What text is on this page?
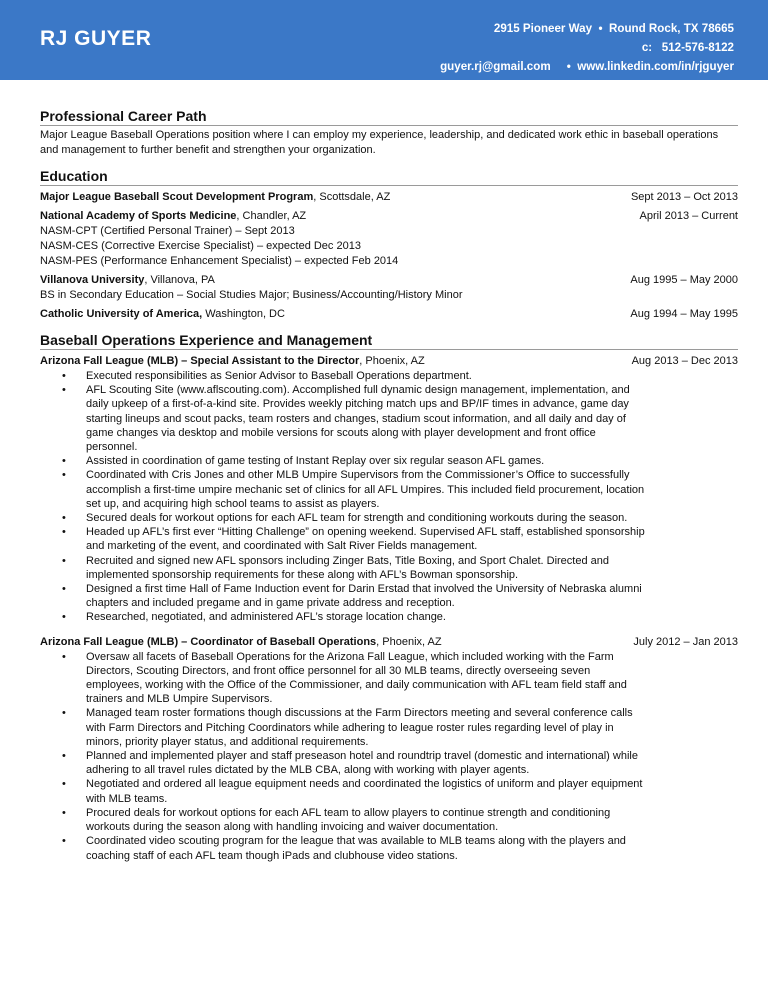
RJ GUYER	2915 Pioneer Way  •  Round Rock, TX 78665
c:   512-576-8122
guyer.rj@gmail.com     •  www.linkedin.com/in/rjguyer
Professional Career Path
Major League Baseball Operations position where I can employ my experience, leadership, and dedicated work ethic in baseball operations and management to further benefit and strengthen your organization.
Education
Major League Baseball Scout Development Program, Scottsdale, AZ	Sept 2013 – Oct 2013
National Academy of Sports Medicine, Chandler, AZ	April 2013 – Current
NASM-CPT (Certified Personal Trainer) – Sept 2013
NASM-CES (Corrective Exercise Specialist) – expected Dec 2013
NASM-PES (Performance Enhancement Specialist) – expected Feb 2014
Villanova University, Villanova, PA	Aug 1995 – May 2000
BS in Secondary Education – Social Studies Major; Business/Accounting/History Minor
Catholic University of America, Washington, DC	Aug 1994 – May 1995
Baseball Operations Experience and Management
Arizona Fall League (MLB) – Special Assistant to the Director, Phoenix, AZ	Aug 2013 – Dec 2013
• Executed responsibilities as Senior Advisor to Baseball Operations department.
• AFL Scouting Site (www.aflscouting.com). Accomplished full dynamic design management, implementation, and daily upkeep of a first-of-a-kind site. Provides weekly pitching match ups and BP/IF times in advance, game day starting lineups and scout packs, team rosters and changes, stadium scout information, and all daily and day of game changes via desktop and mobile versions for scouts along with player development and front office personnel.
• Assisted in coordination of game testing of Instant Replay over six regular season AFL games.
• Coordinated with Cris Jones and other MLB Umpire Supervisors from the Commissioner’s Office to successfully accomplish a first-time umpire mechanic set of clinics for all AFL Umpires. This included field procurement, location set up, and acquiring high school teams to assist as players.
• Secured deals for workout options for each AFL team for strength and conditioning workouts during the season.
• Headed up AFL’s first ever “Hitting Challenge” on opening weekend. Supervised AFL staff, established sponsorship and marketing of the event, and coordinated with Salt River Fields management.
• Recruited and signed new AFL sponsors including Zinger Bats, Title Boxing, and Sport Chalet. Directed and implemented sponsorship requirements for these along with AFL’s Bowman sponsorship.
• Designed a first time Hall of Fame Induction event for Darin Erstad that involved the University of Nebraska alumni chapters and included pregame and in game private address and reception.
• Researched, negotiated, and administered AFL’s storage location change.
Arizona Fall League (MLB) – Coordinator of Baseball Operations, Phoenix, AZ	July 2012 – Jan 2013
• Oversaw all facets of Baseball Operations for the Arizona Fall League, which included working with the Farm Directors, Scouting Directors, and front office personnel for all 30 MLB teams, directly overseeing seven employees, working with the Office of the Commissioner, and daily communication with AFL team field staff and trainers and MLB Umpire Supervisors.
• Managed team roster formations though discussions at the Farm Directors meeting and several conference calls with Farm Directors and Pitching Coordinators while adhering to league roster rules regarding level of play in minors, priority player status, and additional requirements.
• Planned and implemented player and staff preseason hotel and roundtrip travel (domestic and international) while adhering to all travel rules dictated by the MLB CBA, along with working with player agents.
• Negotiated and ordered all league equipment needs and coordinated the logistics of uniform and player equipment with MLB teams.
• Procured deals for workout options for each AFL team to allow players to continue strength and conditioning workouts during the season along with handling invoicing and waiver documentation.
• Coordinated video scouting program for the league that was available to MLB teams along with the players and coaching staff of each AFL team though iPads and clubhouse video stations.
